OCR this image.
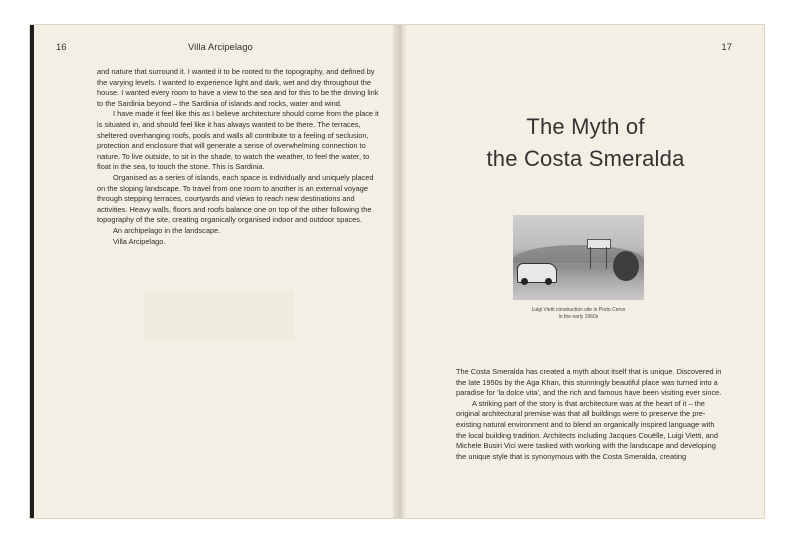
16	Villa Arcipelago

and nature that surround it. I wanted it to be rooted to the topography, and defined by the varying levels. I wanted to experience light and dark, wet and dry throughout the house. I wanted every room to have a view to the sea and for this to be the driving link to the Sardinia beyond – the Sardinia of islands and rocks, water and wind.

I have made it feel like this as I believe architecture should come from the place it is situated in, and should feel like it has always wanted to be there. The terraces, sheltered overhanging roofs, pools and walls all contribute to a feeling of seclusion, protection and enclosure that will generate a sense of overwhelming connection to nature. To live outside, to sit in the shade, to watch the weather, to feel the water, to float in the sea, to touch the stone. This is Sardinia.

Organised as a series of islands, each space is individually and uniquely placed on the sloping landscape. To travel from one room to another is an external voyage through stepping terraces, courtyards and views to reach new destinations and activities. Heavy walls, floors and roofs balance one on top of the other following the topography of the site, creating organically organised indoor and outdoor spaces.

An archipelago in the landscape.

Villa Arcipelago.

17
The Myth of
the Costa Smeralda
Luigi Vietti construction site in Porto Cervo
in the early 1960s

The Costa Smeralda has created a myth about itself that is unique. Discovered in the late 1950s by the Aga Khan, this stunningly beautiful place was turned into a paradise for 'la dolce vita', and the rich and famous have been visiting ever since.

A striking part of the story is that architecture was at the heart of it – the original architectural premise was that all buildings were to preserve the pre-existing natural environment and to blend an organically inspired language with the local building tradition. Architects including Jacques Couëlle, Luigi Vietti, and Michele Busiri Vici were tasked with working with the landscape and developing the unique style that is synonymous with the Costa Smeralda, creating
